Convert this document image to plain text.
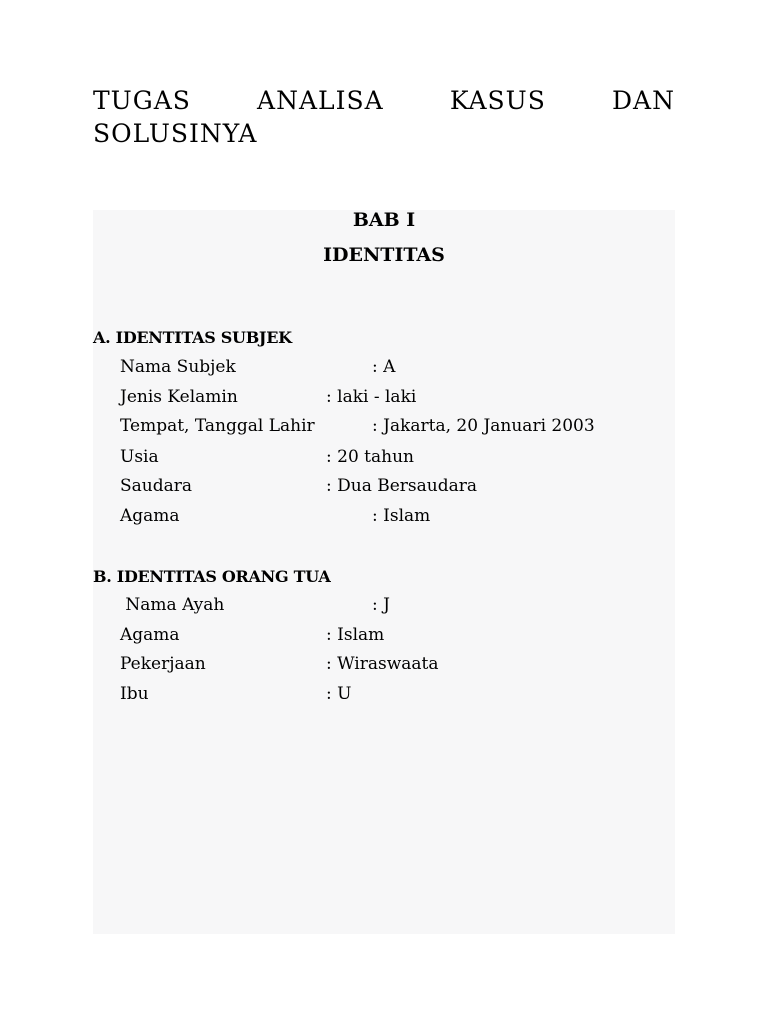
TUGAS	ANALISA	KASUS	DAN
SOLUSINYA
BAB I
IDENTITAS
A. IDENTITAS SUBJEK
Nama Subjek	: A
Jenis Kelamin	: laki - laki
Tempat, Tanggal Lahir	: Jakarta, 20 Januari 2003
Usia	: 20 tahun
Saudara	: Dua Bersaudara
Agama	: Islam
B. IDENTITAS ORANG TUA
Nama Ayah	: J
Agama	: Islam
Pekerjaan	: Wiraswaata
Ibu	: U
